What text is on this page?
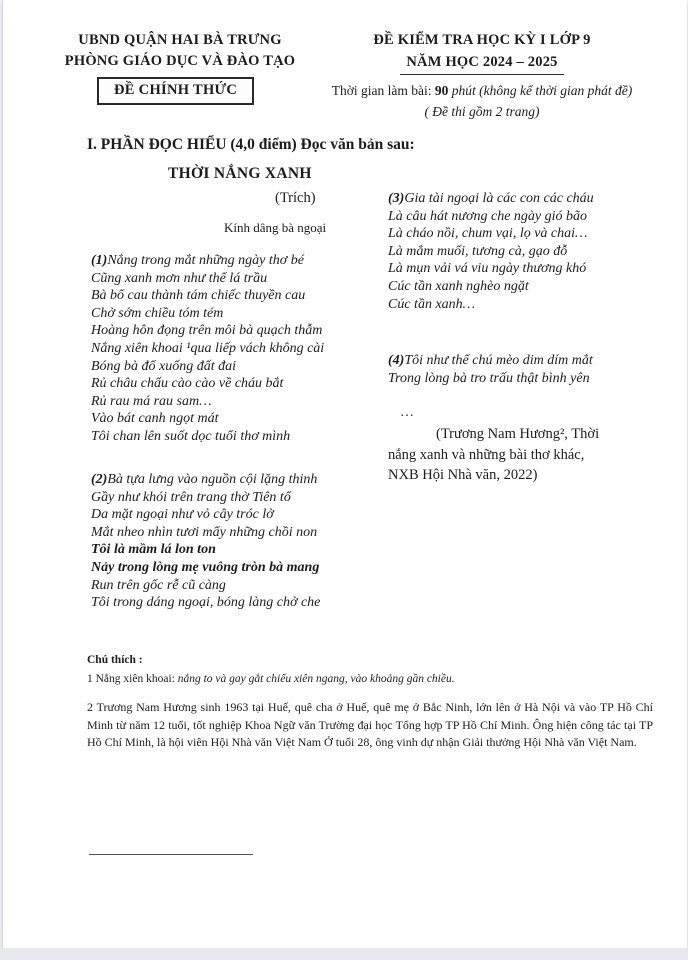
UBND QUẬN HAI BÀ TRƯNG
PHÒNG GIÁO DỤC VÀ ĐÀO TẠO
ĐỀ CHÍNH THỨC
ĐỀ KIỂM TRA HỌC KỲ I LỚP 9
NĂM HỌC 2024 – 2025
Thời gian làm bài: 90 phút (không kể thời gian phát đề)
( Đề thi gồm 2 trang)
I. PHẦN ĐỌC HIỂU (4,0 điểm) Đọc văn bản sau:
THỜI NẮNG XANH
(Trích)
Kính dâng bà ngoại
(1)Nắng trong mắt những ngày thơ bé
Cũng xanh mơn như thể lá trầu
Bà bổ cau thành tám chiếc thuyền cau
Chở sớm chiều tóm tém
Hoàng hôn đọng trên môi bà quạch thẫm
Nắng xiên khoai ¹qua liếp vách không cài
Bóng bà đổ xuống đất đai
Rủ châu chấu cào cào về cháu bắt
Rủ rau má rau sam…
Vào bát canh ngọt mát
Tôi chan lên suốt dọc tuổi thơ mình
(2)Bà tựa lưng vào nguồn cội lặng thinh
Gầy như khói trên trang thờ Tiên tổ
Da mặt ngoại như vỏ cây tróc lở
Mắt nheo nhìn tươi mẩy những chồi non
Tôi là mầm lá lon ton
Nảy trong lòng mẹ vuông tròn bà mang
Run trên gốc rễ cũ càng
Tôi trong dáng ngoại, bóng làng chở che
(3)Gia tài ngoại là các con các cháu
Là câu hát nương che ngày gió bão
Là cháo nồi, chum vại, lọ và chai…
Là mắm muối, tương cà, gạo đỗ
Là mụn vải vá viu ngày thương khó
Cúc tần xanh nghèo ngặt
Cúc tần xanh…
(4)Tôi như thể chú mèo dim dím mắt
Trong lòng bà tro trấu thật bình yên
…
(Trương Nam Hương², Thời
nắng xanh và những bài thơ khác,
NXB Hội Nhà văn, 2022)
Chú thích :
1 Nắng xiên khoai: nắng to và gay gắt chiếu xiên ngang, vào khoảng gần chiều.
2 Trương Nam Hương sinh 1963 tại Huế, quê cha ở Huế, quê mẹ ở Bắc Ninh, lớn lên ở Hà Nội và vào TP Hồ Chí Minh từ năm 12 tuổi, tốt nghiệp Khoa Ngữ văn Trường đại học Tổng hợp TP Hồ Chí Minh. Ông hiện công tác tại TP Hồ Chí Minh, là hội viên Hội Nhà văn Việt Nam Ở tuổi 28, ông vinh dự nhận Giải thưởng Hội Nhà văn Việt Nam.
